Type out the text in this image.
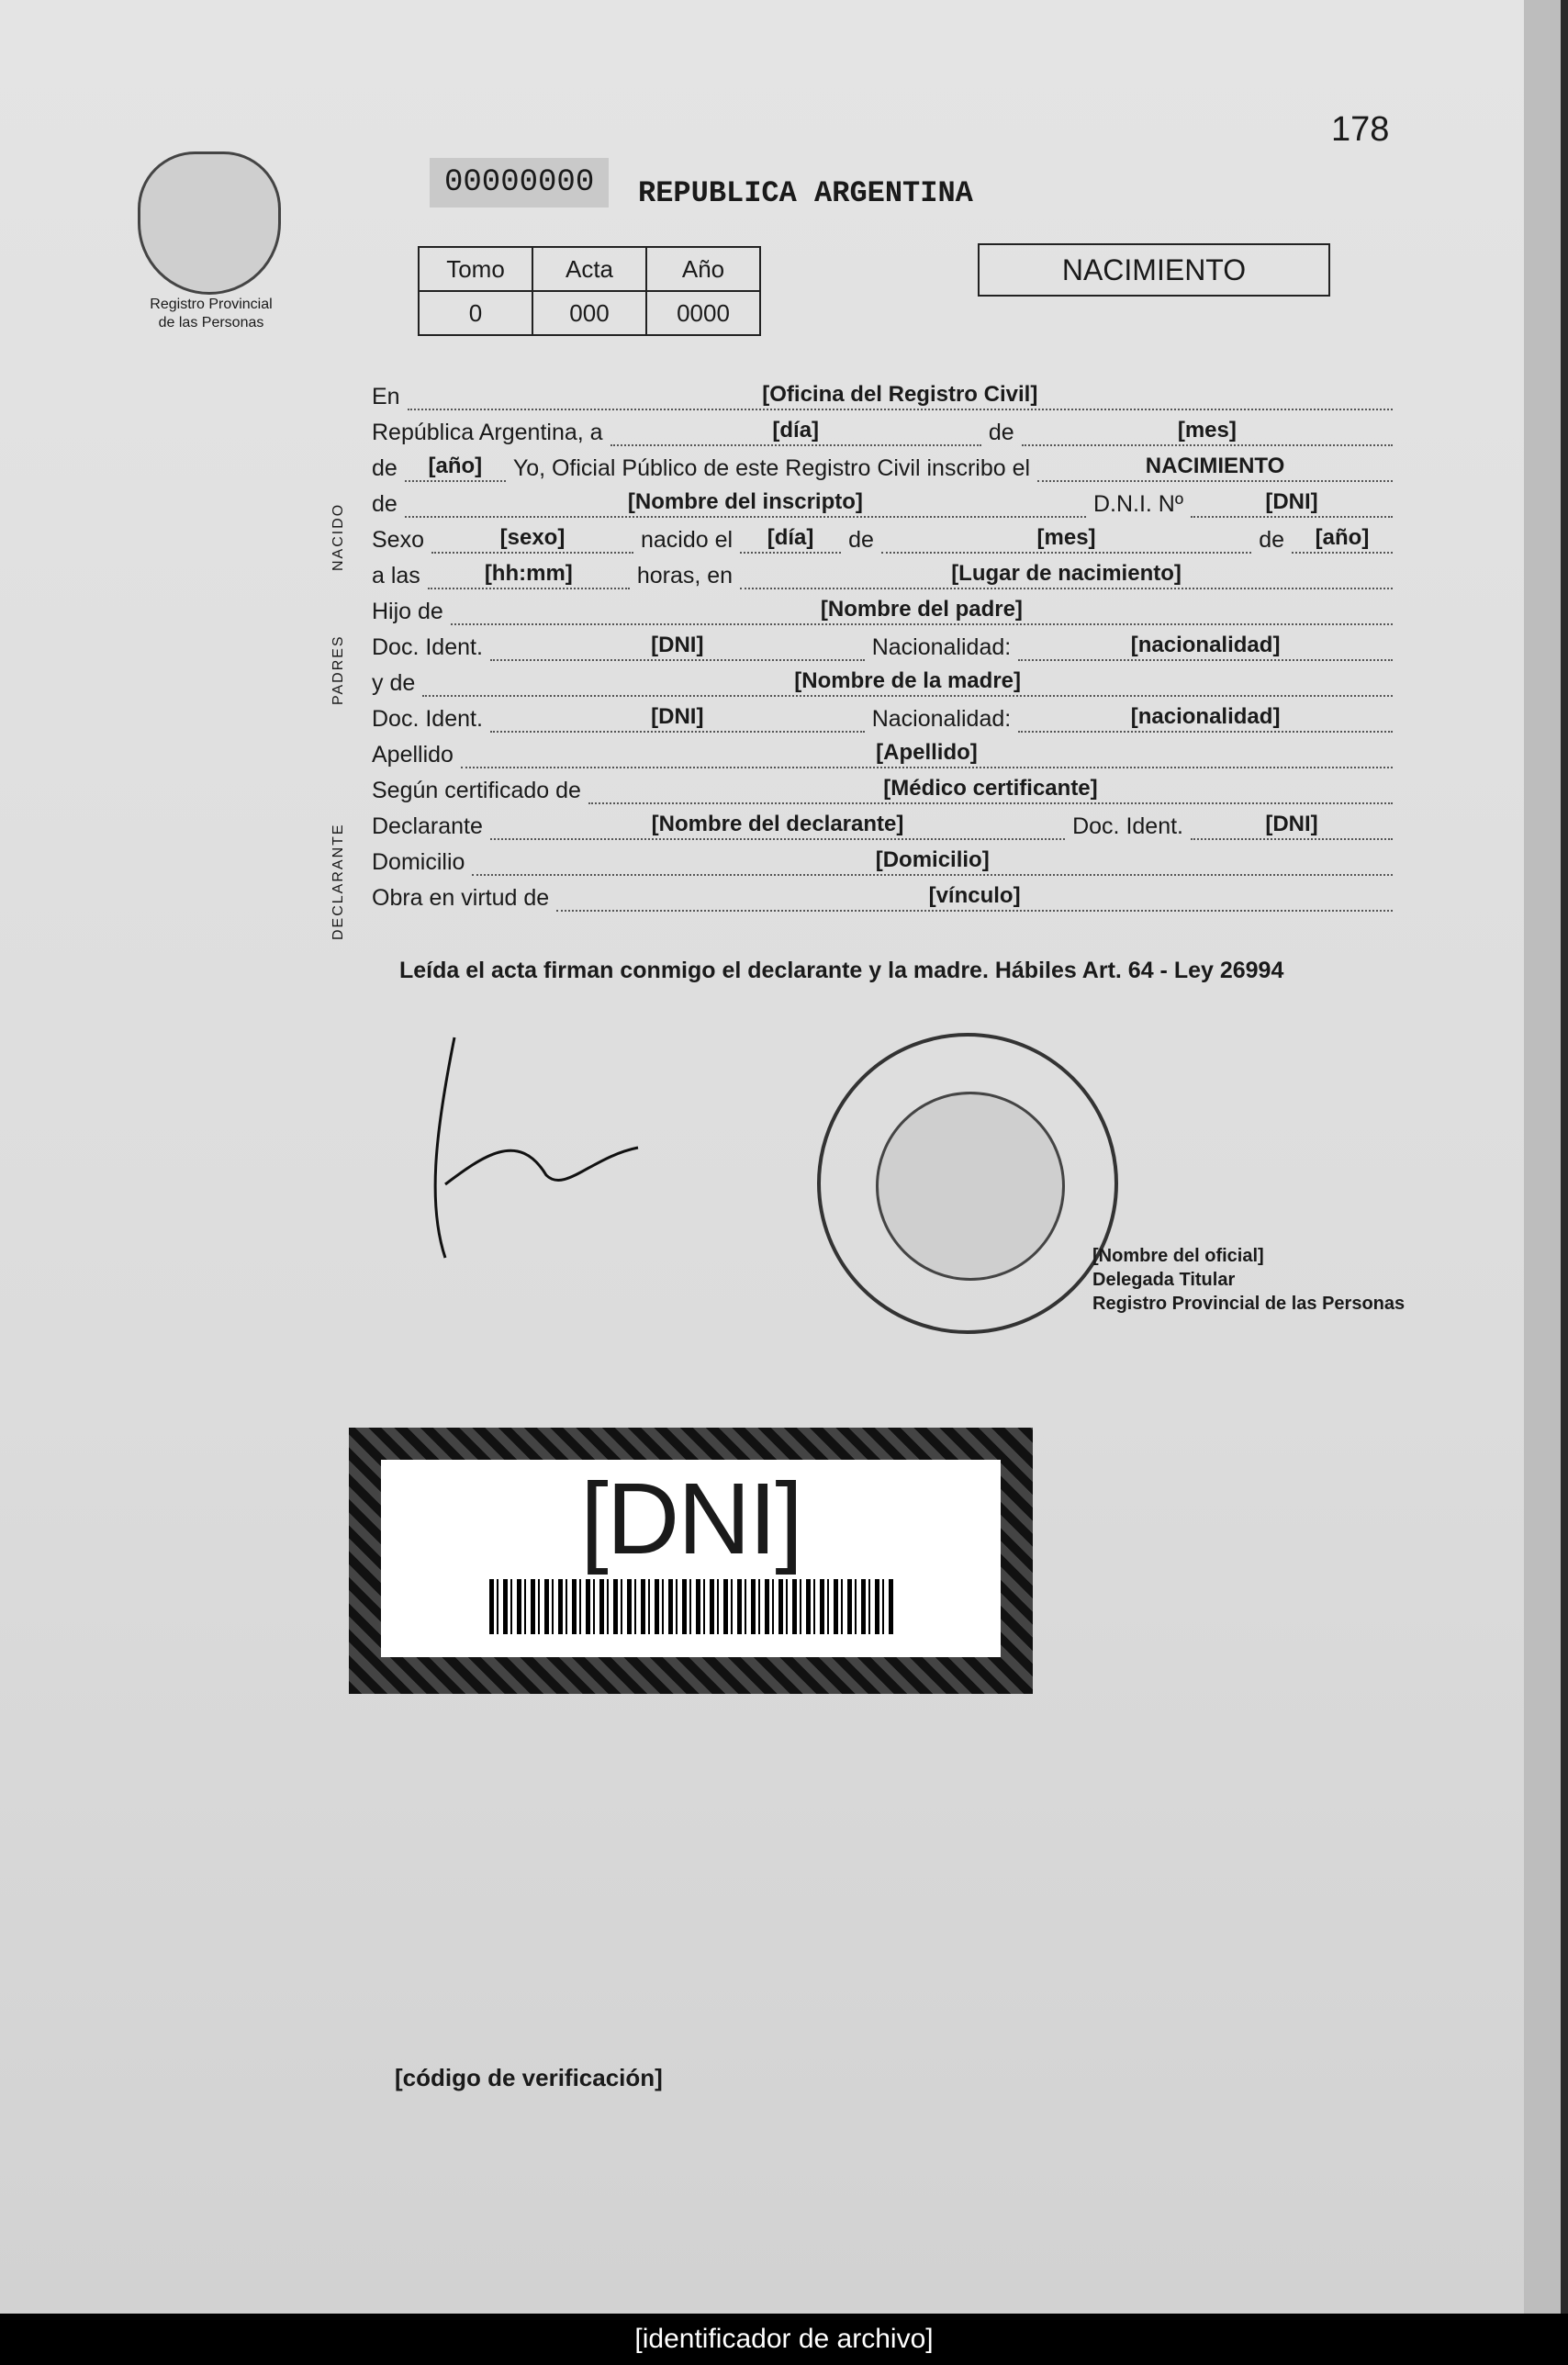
178
Registro Provincial
de las Personas
00000000	REPUBLICA ARGENTINA
Tomo	Acta	Año
0	000	0000
NACIMIENTO
NACIDO
PADRES
DECLARANTE
En	[Oficina del Registro Civil]
República Argentina, a	[día]	de	[mes]
de	[año]	Yo, Oficial Público de este Registro Civil inscribo el	NACIMIENTO
de	[Nombre del inscripto]	D.N.I. Nº	[DNI]
Sexo	[sexo]	nacido el	[día]	de	[mes]	de	[año]
a las	[hh:mm]	horas, en	[Lugar de nacimiento]
Hijo de	[Nombre del padre]
Doc. Ident.	[DNI]	Nacionalidad:	[nacionalidad]
y de	[Nombre de la madre]
Doc. Ident.	[DNI]	Nacionalidad:	[nacionalidad]
Apellido	[Apellido]
Según certificado de	[Médico certificante]
Declarante	[Nombre del declarante]	Doc. Ident.	[DNI]
Domicilio	[Domicilio]
Obra en virtud de	[vínculo]
Leída el acta firman conmigo el declarante y la madre. Hábiles Art. 64 - Ley 26994
[Nombre del oficial]
Delegada Titular
Registro Provincial de las Personas
[DNI]
[código de verificación]
[identificador de archivo]
